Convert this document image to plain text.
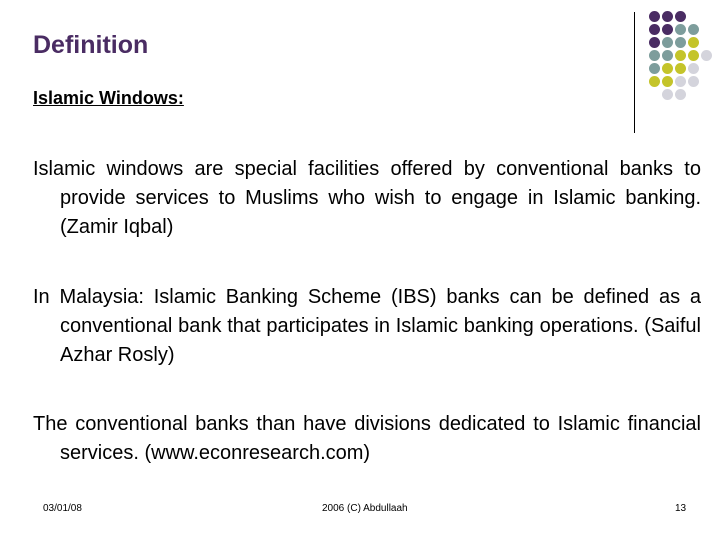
Definition
Islamic Windows:

Islamic windows are special facilities offered by conventional banks to provide services to Muslims who wish to engage in Islamic banking. (Zamir Iqbal)

In Malaysia: Islamic Banking Scheme (IBS) banks can be defined as a conventional bank that participates in Islamic banking operations. (Saiful Azhar Rosly)

The conventional banks than have divisions dedicated to Islamic financial services. (www.econresearch.com)

03/01/08	2006 (C) Abdullaah	13
